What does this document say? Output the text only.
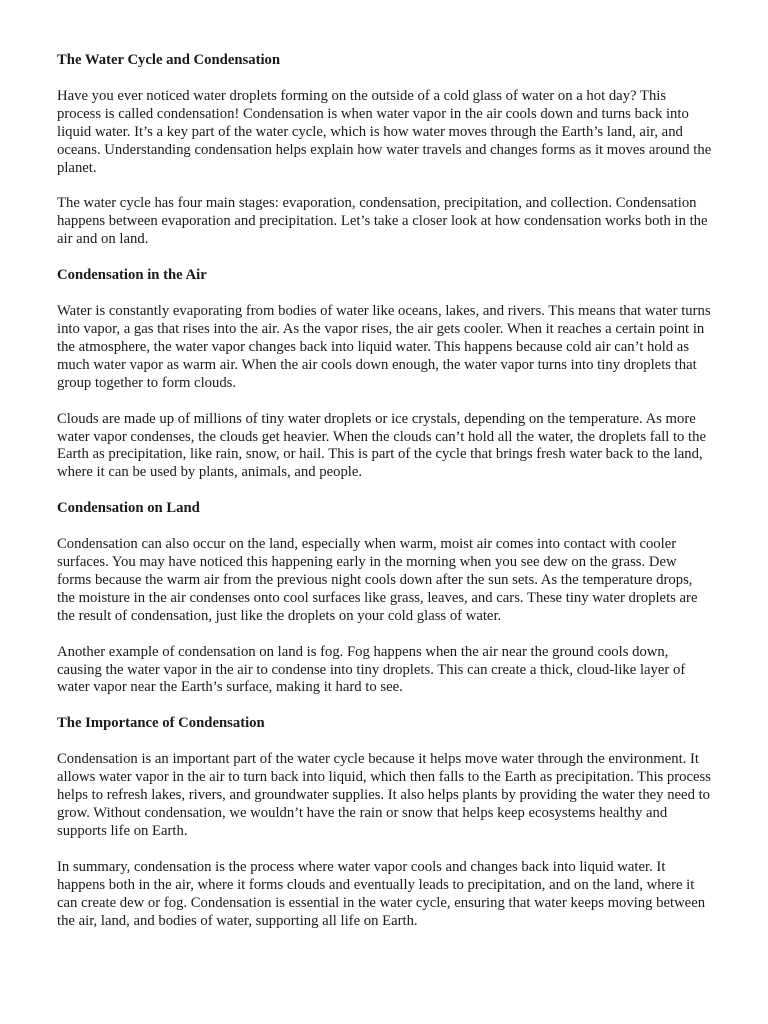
The Water Cycle and Condensation

Have you ever noticed water droplets forming on the outside of a cold glass of water on a hot day? This process is called condensation! Condensation is when water vapor in the air cools down and turns back into liquid water. It’s a key part of the water cycle, which is how water moves through the Earth’s land, air, and oceans. Understanding condensation helps explain how water travels and changes forms as it moves around the planet.

The water cycle has four main stages: evaporation, condensation, precipitation, and collection. Condensation happens between evaporation and precipitation. Let’s take a closer look at how condensation works both in the air and on land.

Condensation in the Air

Water is constantly evaporating from bodies of water like oceans, lakes, and rivers. This means that water turns into vapor, a gas that rises into the air. As the vapor rises, the air gets cooler. When it reaches a certain point in the atmosphere, the water vapor changes back into liquid water. This happens because cold air can’t hold as much water vapor as warm air. When the air cools down enough, the water vapor turns into tiny droplets that group together to form clouds.

Clouds are made up of millions of tiny water droplets or ice crystals, depending on the temperature. As more water vapor condenses, the clouds get heavier. When the clouds can’t hold all the water, the droplets fall to the Earth as precipitation, like rain, snow, or hail. This is part of the cycle that brings fresh water back to the land, where it can be used by plants, animals, and people.

Condensation on Land

Condensation can also occur on the land, especially when warm, moist air comes into contact with cooler surfaces. You may have noticed this happening early in the morning when you see dew on the grass. Dew forms because the warm air from the previous night cools down after the sun sets. As the temperature drops, the moisture in the air condenses onto cool surfaces like grass, leaves, and cars. These tiny water droplets are the result of condensation, just like the droplets on your cold glass of water.

Another example of condensation on land is fog. Fog happens when the air near the ground cools down, causing the water vapor in the air to condense into tiny droplets. This can create a thick, cloud-like layer of water vapor near the Earth’s surface, making it hard to see.

The Importance of Condensation

Condensation is an important part of the water cycle because it helps move water through the environment. It allows water vapor in the air to turn back into liquid, which then falls to the Earth as precipitation. This process helps to refresh lakes, rivers, and groundwater supplies. It also helps plants by providing the water they need to grow. Without condensation, we wouldn’t have the rain or snow that helps keep ecosystems healthy and supports life on Earth.

In summary, condensation is the process where water vapor cools and changes back into liquid water. It happens both in the air, where it forms clouds and eventually leads to precipitation, and on the land, where it can create dew or fog. Condensation is essential in the water cycle, ensuring that water keeps moving between the air, land, and bodies of water, supporting all life on Earth.
